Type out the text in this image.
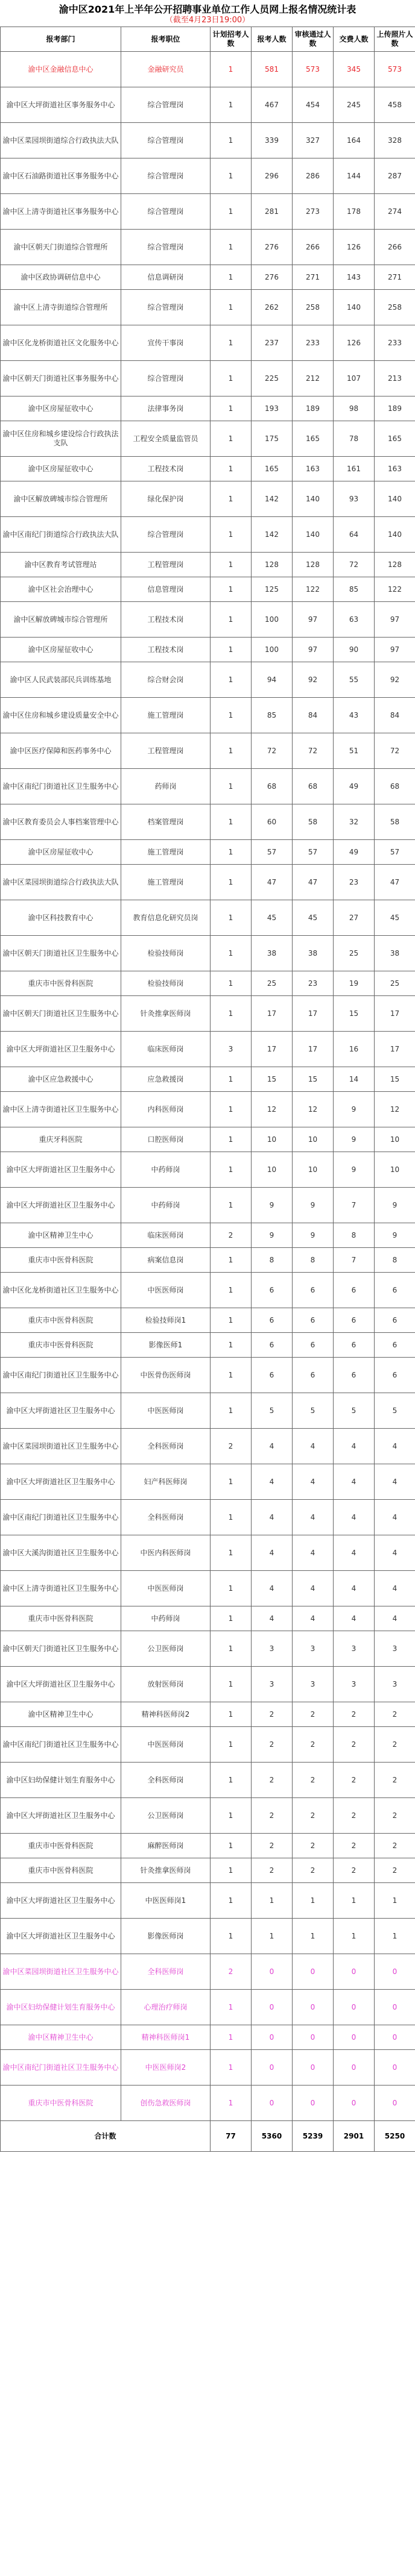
渝中区2021年上半年公开招聘事业单位工作人员网上报名情况统计表
（截至4月23日19:00）
报考部门	报考职位	计划招考人数	报考人数	审核通过人数	交费人数	上传照片人数
渝中区金融信息中心	金融研究员	1	581	573	345	573
渝中区大坪街道社区事务服务中心	综合管理岗	1	467	454	245	458
渝中区菜园坝街道综合行政执法大队	综合管理岗	1	339	327	164	328
渝中区石油路街道社区事务服务中心	综合管理岗	1	296	286	144	287
渝中区上清寺街道社区事务服务中心	综合管理岗	1	281	273	178	274
渝中区朝天门街道综合管理所	综合管理岗	1	276	266	126	266
渝中区政协调研信息中心	信息调研岗	1	276	271	143	271
渝中区上清寺街道综合管理所	综合管理岗	1	262	258	140	258
渝中区化龙桥街道社区文化服务中心	宣传干事岗	1	237	233	126	233
渝中区朝天门街道社区事务服务中心	综合管理岗	1	225	212	107	213
渝中区房屋征收中心	法律事务岗	1	193	189	98	189
渝中区住房和城乡建设综合行政执法支队	工程安全质量监管员	1	175	165	78	165
渝中区房屋征收中心	工程技术岗	1	165	163	161	163
渝中区解放碑城市综合管理所	绿化保护岗	1	142	140	93	140
渝中区南纪门街道综合行政执法大队	综合管理岗	1	142	140	64	140
渝中区教育考试管理站	工程管理岗	1	128	128	72	128
渝中区社会治理中心	信息管理岗	1	125	122	85	122
渝中区解放碑城市综合管理所	工程技术岗	1	100	97	63	97
渝中区房屋征收中心	工程技术岗	1	100	97	90	97
渝中区人民武装部民兵训练基地	综合财会岗	1	94	92	55	92
渝中区住房和城乡建设质量安全中心	施工管理岗	1	85	84	43	84
渝中区医疗保障和医药事务中心	工程管理岗	1	72	72	51	72
渝中区南纪门街道社区卫生服务中心	药师岗	1	68	68	49	68
渝中区教育委员会人事档案管理中心	档案管理岗	1	60	58	32	58
渝中区房屋征收中心	施工管理岗	1	57	57	49	57
渝中区菜园坝街道综合行政执法大队	施工管理岗	1	47	47	23	47
渝中区科技教育中心	教育信息化研究员岗	1	45	45	27	45
渝中区朝天门街道社区卫生服务中心	检验技师岗	1	38	38	25	38
重庆市中医骨科医院	检验技师岗	1	25	23	19	25
渝中区朝天门街道社区卫生服务中心	针灸推拿医师岗	1	17	17	15	17
渝中区大坪街道社区卫生服务中心	临床医师岗	3	17	17	16	17
渝中区应急救援中心	应急救援岗	1	15	15	14	15
渝中区上清寺街道社区卫生服务中心	内科医师岗	1	12	12	9	12
重庆牙科医院	口腔医师岗	1	10	10	9	10
渝中区大坪街道社区卫生服务中心	中药师岗	1	10	10	9	10
渝中区大坪街道社区卫生服务中心	中药师岗	1	9	9	7	9
渝中区精神卫生中心	临床医师岗	2	9	9	8	9
重庆市中医骨科医院	病案信息岗	1	8	8	7	8
渝中区化龙桥街道社区卫生服务中心	中医医师岗	1	6	6	6	6
重庆市中医骨科医院	检验技师岗1	1	6	6	6	6
重庆市中医骨科医院	影像医师1	1	6	6	6	6
渝中区南纪门街道社区卫生服务中心	中医骨伤医师岗	1	6	6	6	6
渝中区大坪街道社区卫生服务中心	中医医师岗	1	5	5	5	5
渝中区菜园坝街道社区卫生服务中心	全科医师岗	2	4	4	4	4
渝中区大坪街道社区卫生服务中心	妇产科医师岗	1	4	4	4	4
渝中区南纪门街道社区卫生服务中心	全科医师岗	1	4	4	4	4
渝中区大溪沟街道社区卫生服务中心	中医内科医师岗	1	4	4	4	4
渝中区上清寺街道社区卫生服务中心	中医医师岗	1	4	4	4	4
重庆市中医骨科医院	中药师岗	1	4	4	4	4
渝中区朝天门街道社区卫生服务中心	公卫医师岗	1	3	3	3	3
渝中区大坪街道社区卫生服务中心	放射医师岗	1	3	3	3	3
渝中区精神卫生中心	精神科医师岗2	1	2	2	2	2
渝中区南纪门街道社区卫生服务中心	中医医师岗	1	2	2	2	2
渝中区妇幼保健计划生育服务中心	全科医师岗	1	2	2	2	2
渝中区大坪街道社区卫生服务中心	公卫医师岗	1	2	2	2	2
重庆市中医骨科医院	麻醉医师岗	1	2	2	2	2
重庆市中医骨科医院	针灸推拿医师岗	1	2	2	2	2
渝中区大坪街道社区卫生服务中心	中医医师岗1	1	1	1	1	1
渝中区大坪街道社区卫生服务中心	影像医师岗	1	1	1	1	1
渝中区菜园坝街道社区卫生服务中心	全科医师岗	2	0	0	0	0
渝中区妇幼保健计划生育服务中心	心理治疗师岗	1	0	0	0	0
渝中区精神卫生中心	精神科医师岗1	1	0	0	0	0
渝中区南纪门街道社区卫生服务中心	中医医师岗2	1	0	0	0	0
重庆市中医骨科医院	创伤急救医师岗	1	0	0	0	0
合计数		77	5360	5239	2901	5250
